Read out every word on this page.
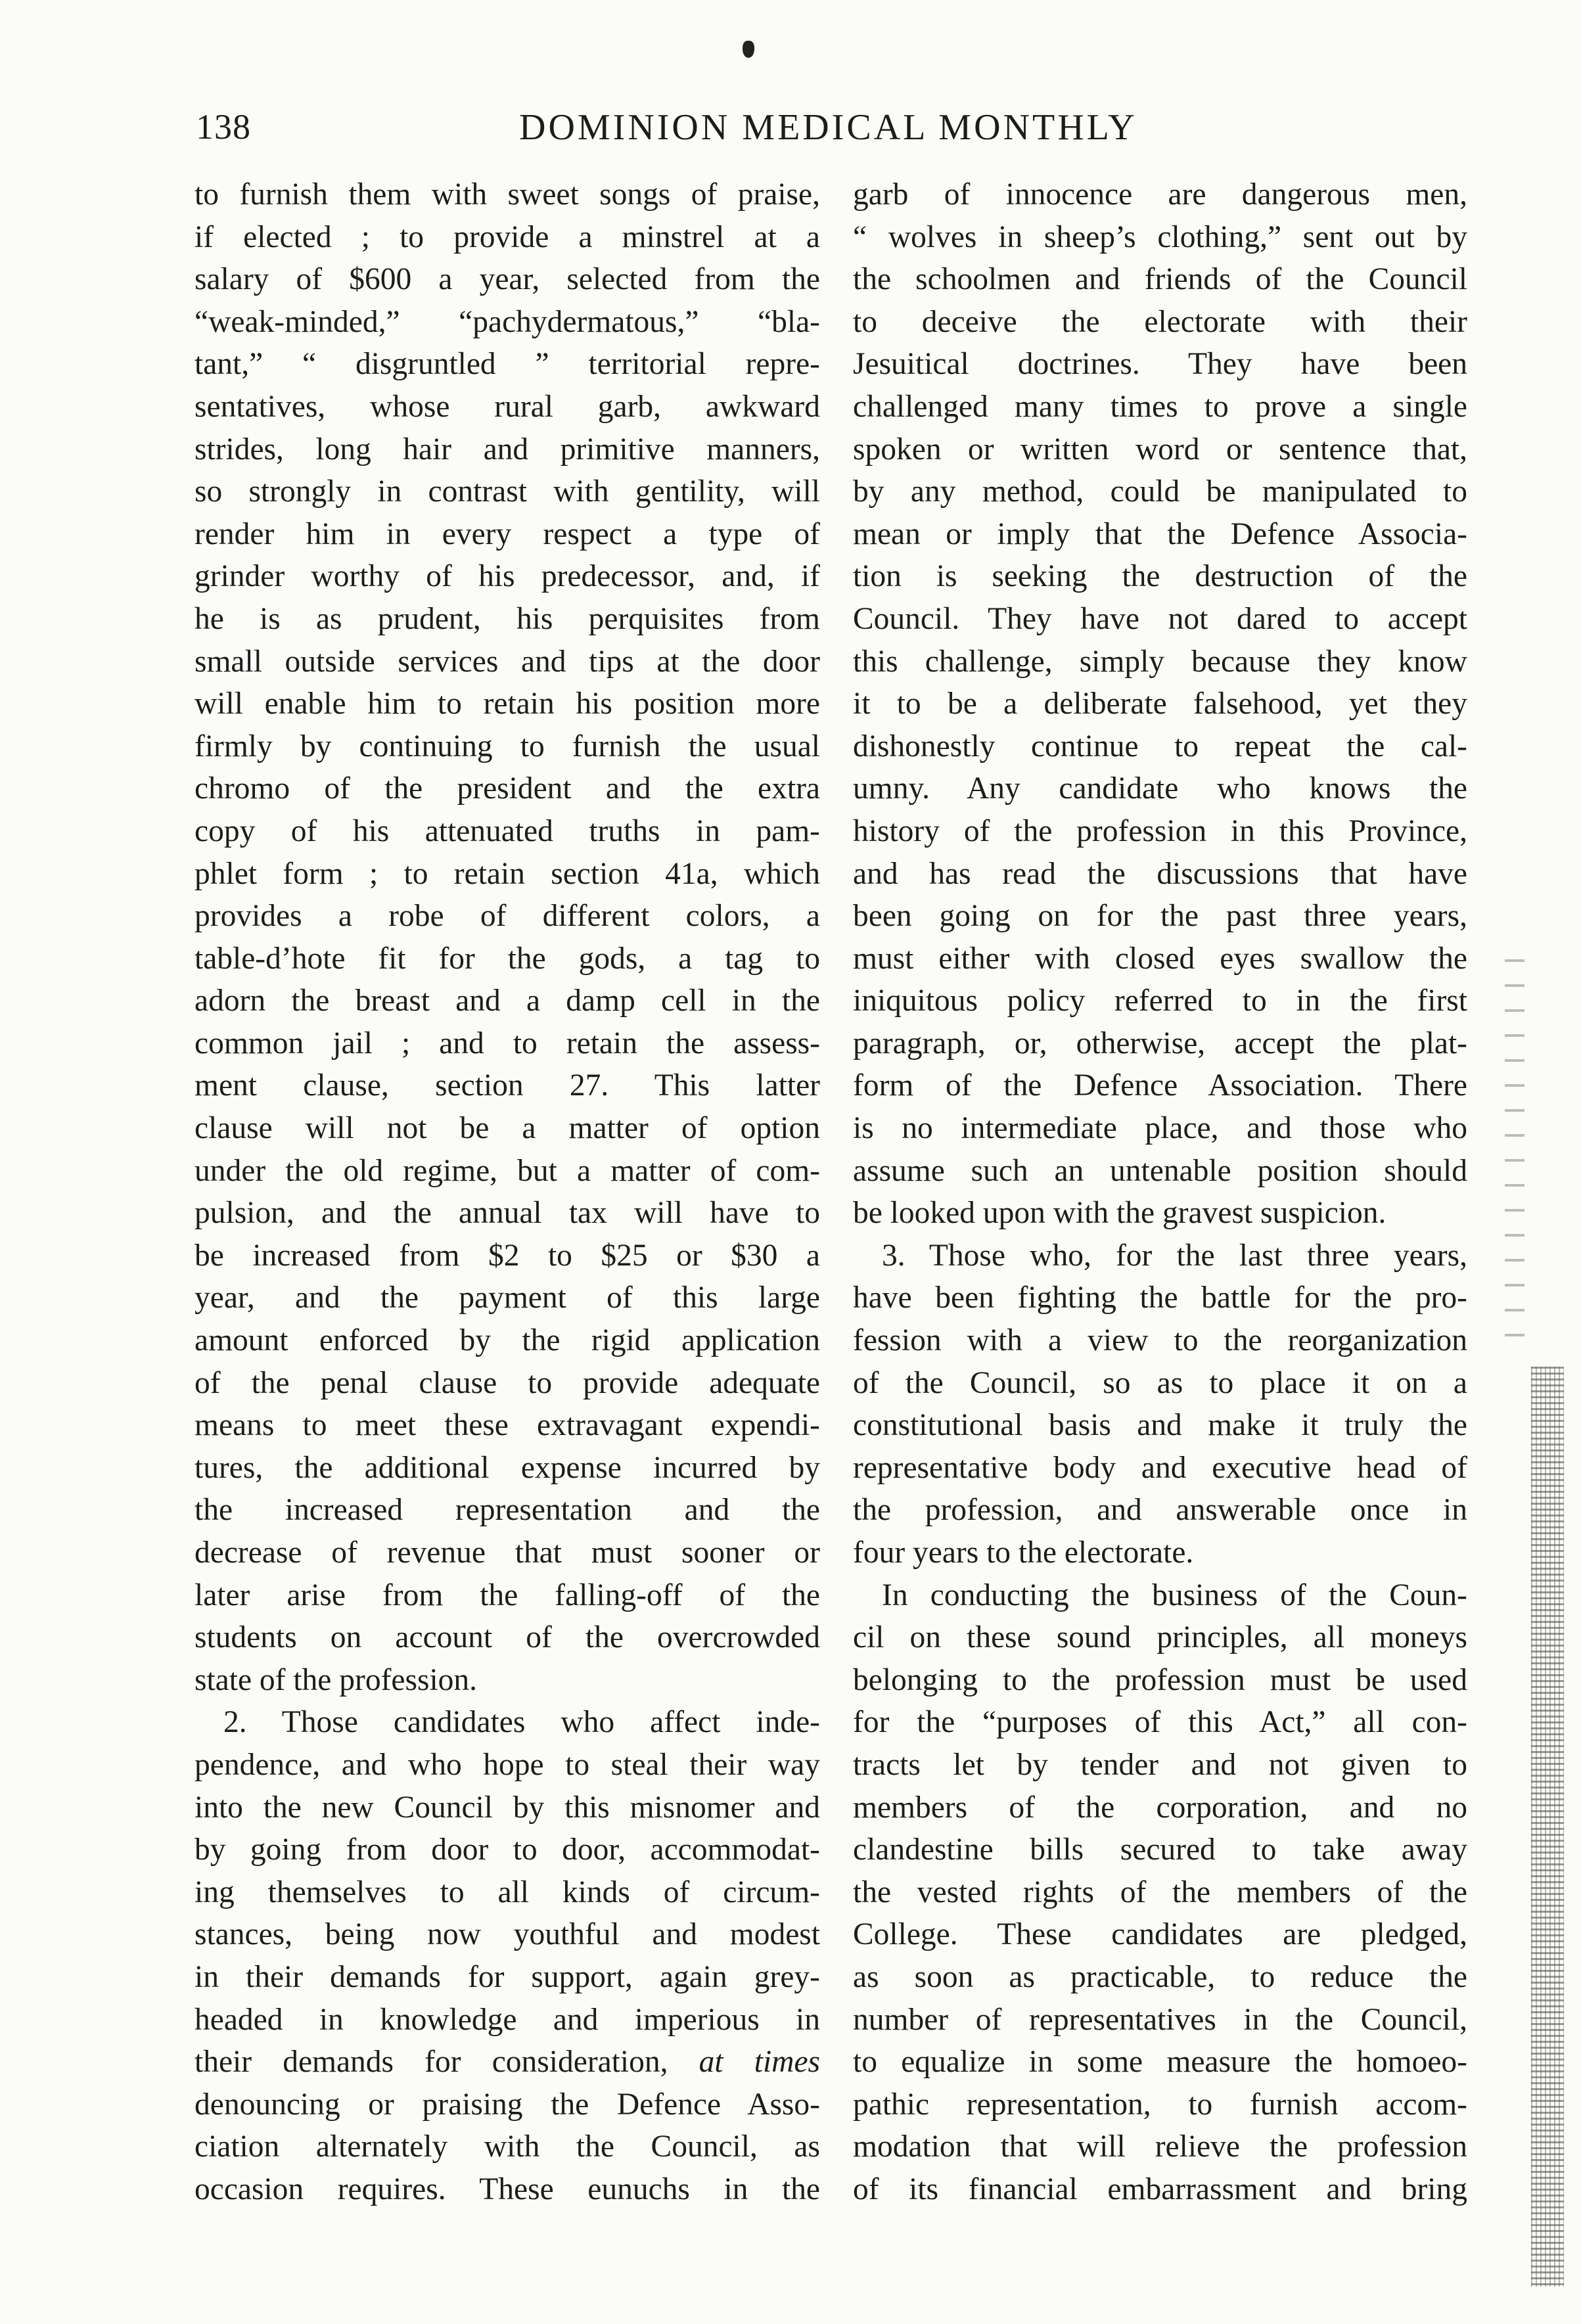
138	DOMINION MEDICAL MONTHLY
to furnish them with sweet songs of praise,
if elected ; to provide a minstrel at a
salary of $600 a year, selected from the
“weak-minded,” “pachydermatous,” “bla-
tant,” “ disgruntled ” territorial repre-
sentatives, whose rural garb, awkward
strides, long hair and primitive manners,
so strongly in contrast with gentility, will
render him in every respect a type of
grinder worthy of his predecessor, and, if
he is as prudent, his perquisites from
small outside services and tips at the door
will enable him to retain his position more
firmly by continuing to furnish the usual
chromo of the president and the extra
copy of his attenuated truths in pam-
phlet form ; to retain section 41a, which
provides a robe of different colors, a
table-d’hote fit for the gods, a tag to
adorn the breast and a damp cell in the
common jail ; and to retain the assess-
ment clause, section 27. This latter
clause will not be a matter of option
under the old regime, but a matter of com-
pulsion, and the annual tax will have to
be increased from $2 to $25 or $30 a
year, and the payment of this large
amount enforced by the rigid application
of the penal clause to provide adequate
means to meet these extravagant expendi-
tures, the additional expense incurred by
the increased representation and the
decrease of revenue that must sooner or
later arise from the falling-off of the
students on account of the overcrowded
state of the profession.
2. Those candidates who affect inde-
pendence, and who hope to steal their way
into the new Council by this misnomer and
by going from door to door, accommodat-
ing themselves to all kinds of circum-
stances, being now youthful and modest
in their demands for support, again grey-
headed in knowledge and imperious in
their demands for consideration, at times
denouncing or praising the Defence Asso-
ciation alternately with the Council, as
occasion requires. These eunuchs in the
garb of innocence are dangerous men,
“ wolves in sheep’s clothing,” sent out by
the schoolmen and friends of the Council
to deceive the electorate with their
Jesuitical doctrines. They have been
challenged many times to prove a single
spoken or written word or sentence that,
by any method, could be manipulated to
mean or imply that the Defence Associa-
tion is seeking the destruction of the
Council. They have not dared to accept
this challenge, simply because they know
it to be a deliberate falsehood, yet they
dishonestly continue to repeat the cal-
umny. Any candidate who knows the
history of the profession in this Province,
and has read the discussions that have
been going on for the past three years,
must either with closed eyes swallow the
iniquitous policy referred to in the first
paragraph, or, otherwise, accept the plat-
form of the Defence Association. There
is no intermediate place, and those who
assume such an untenable position should
be looked upon with the gravest suspicion.
3. Those who, for the last three years,
have been fighting the battle for the pro-
fession with a view to the reorganization
of the Council, so as to place it on a
constitutional basis and make it truly the
representative body and executive head of
the profession, and answerable once in
four years to the electorate.
In conducting the business of the Coun-
cil on these sound principles, all moneys
belonging to the profession must be used
for the “purposes of this Act,” all con-
tracts let by tender and not given to
members of the corporation, and no
clandestine bills secured to take away
the vested rights of the members of the
College. These candidates are pledged,
as soon as practicable, to reduce the
number of representatives in the Council,
to equalize in some measure the homoeo-
pathic representation, to furnish accom-
modation that will relieve the profession
of its financial embarrassment and bring
